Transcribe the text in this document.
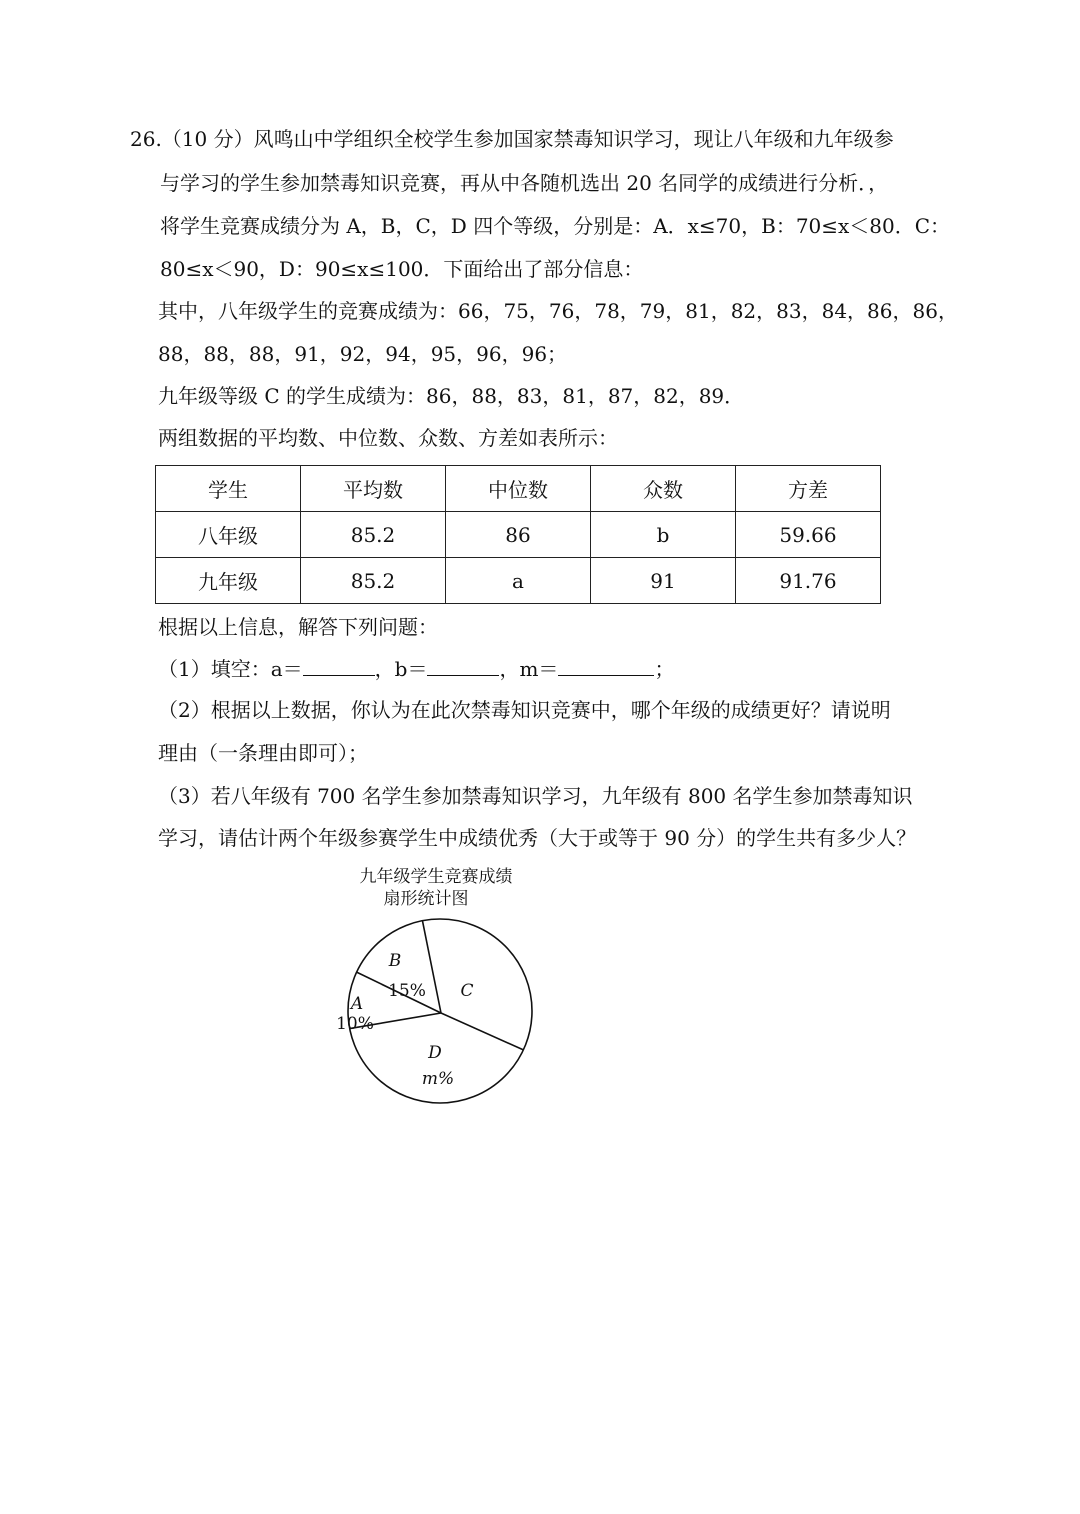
26.（10 分）风鸣山中学组织全校学生参加国家禁毒知识学习，现让八年级和九年级参
与学习的学生参加禁毒知识竞赛，再从中各随机选出 20 名同学的成绩进行分析．，
将学生竞赛成绩分为 A，B，C，D 四个等级，分别是：A．x≤70，B：70≤x＜80．C：
80≤x＜90，D：90≤x≤100．下面给出了部分信息：
其中，八年级学生的竞赛成绩为：66，75，76，78，79，81，82，83，84，86，86，
88，88，88，91，92，94，95，96，96；
九年级等级 C 的学生成绩为：86，88，83，81，87，82，89．
两组数据的平均数、中位数、众数、方差如表所示：
学生	平均数	中位数	众数	方差
八年级	85.2	86	b	59.66
九年级	85.2	a	91	91.76
根据以上信息，解答下列问题：
（1）填空：a＝	，b＝	，m＝	；
（2）根据以上数据，你认为在此次禁毒知识竞赛中，哪个年级的成绩更好？请说明
理由（一条理由即可）；
（3）若八年级有 700 名学生参加禁毒知识学习，九年级有 800 名学生参加禁毒知识
学习，请估计两个年级参赛学生中成绩优秀（大于或等于 90 分）的学生共有多少人？
九年级学生竞赛成绩
扇形统计图
A
10%
B
15% C
D
m%
